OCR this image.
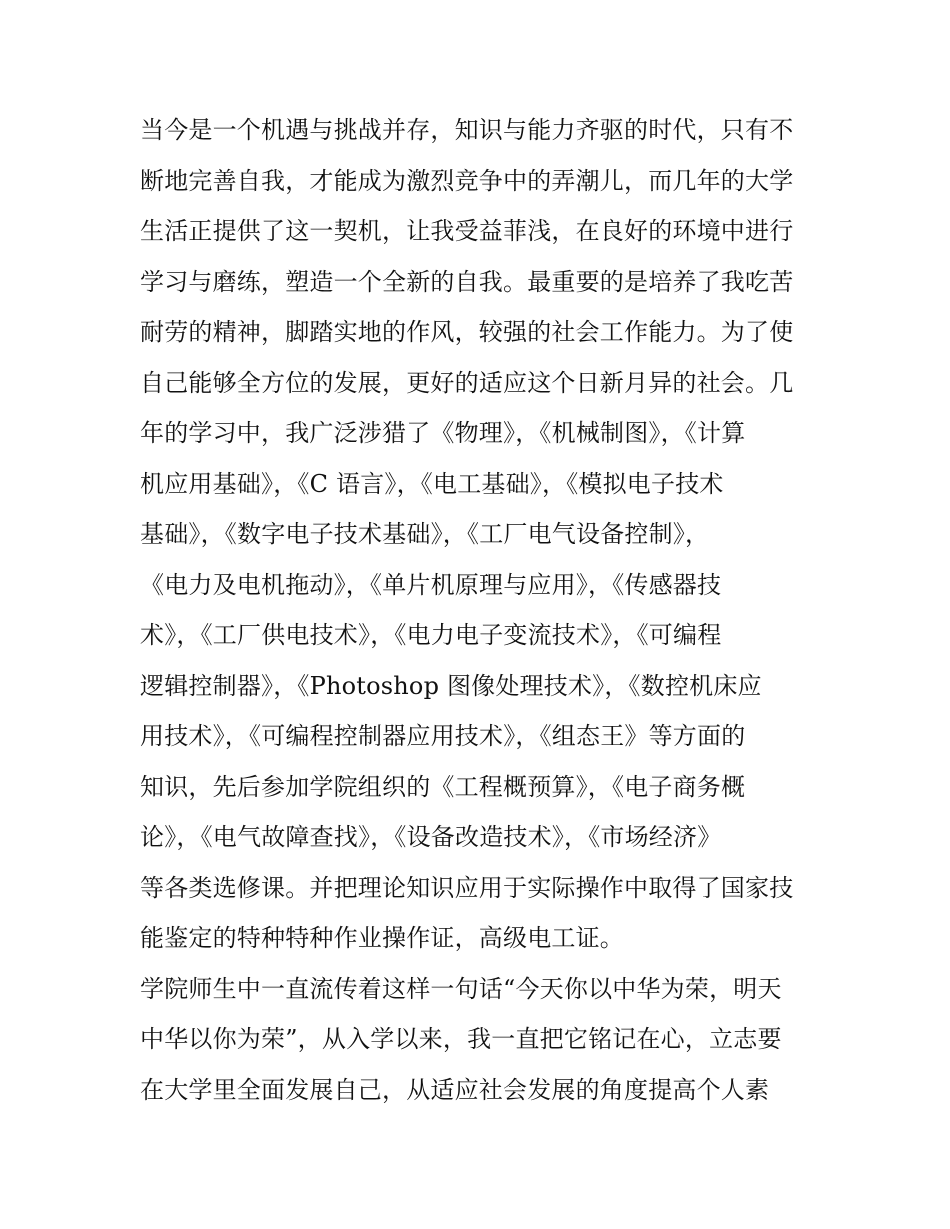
当今是一个机遇与挑战并存，知识与能力齐驱的时代，只有不
断地完善自我，才能成为激烈竞争中的弄潮儿，而几年的大学
生活正提供了这一契机，让我受益菲浅，在良好的环境中进行
学习与磨练，塑造一个全新的自我。最重要的是培养了我吃苦
耐劳的精神，脚踏实地的作风，较强的社会工作能力。为了使
自己能够全方位的发展，更好的适应这个日新月异的社会。几
年的学习中，我广泛涉猎了《物理》，《机械制图》，《计算
机应用基础》，《C 语言》，《电工基础》，《模拟电子技术
基础》，《数字电子技术基础》，《工厂电气设备控制》，
《电力及电机拖动》，《单片机原理与应用》，《传感器技
术》，《工厂供电技术》，《电力电子变流技术》，《可编程
逻辑控制器》，《Photoshop 图像处理技术》，《数控机床应
用技术》，《可编程控制器应用技术》，《组态王》等方面的
知识，先后参加学院组织的《工程概预算》，《电子商务概
论》，《电气故障查找》，《设备改造技术》，《市场经济》
等各类选修课。并把理论知识应用于实际操作中取得了国家技
能鉴定的特种特种作业操作证，高级电工证。
学院师生中一直流传着这样一句话“今天你以中华为荣，明天
中华以你为荣”，从入学以来，我一直把它铭记在心，立志要
在大学里全面发展自己，从适应社会发展的角度提高个人素
